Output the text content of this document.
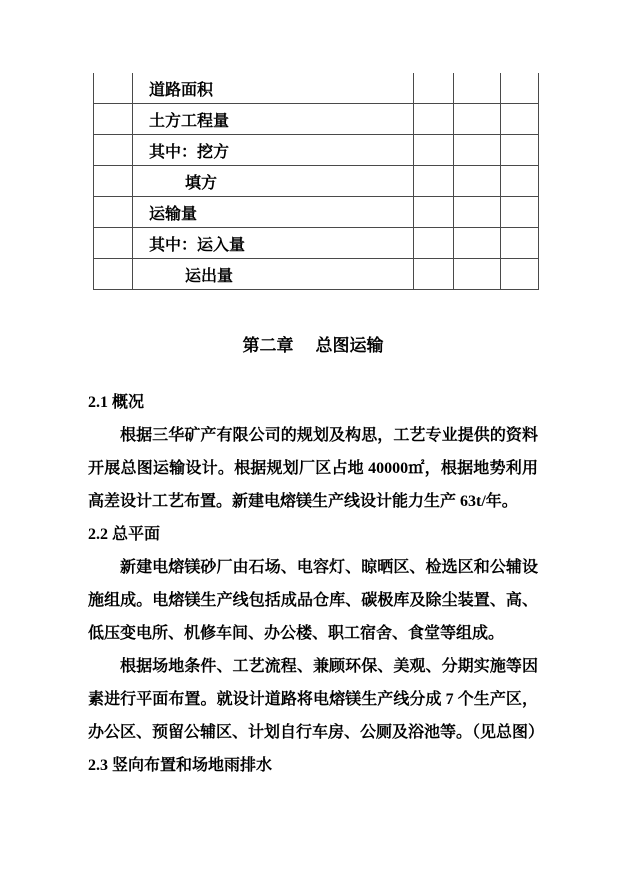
	道路面积			
	土方工程量			
	其中：挖方			
	填方			
	运输量			
	其中：运入量			
	运出量			
第二章 总图运输
2.1 概况

根据三华矿产有限公司的规划及构思，工艺专业提供的资料开展总图运输设计。根据规划厂区占地 40000㎡，根据地势利用高差设计工艺布置。新建电熔镁生产线设计能力生产 63t/年。

2.2 总平面

新建电熔镁砂厂由石场、电容灯、晾晒区、检选区和公辅设施组成。电熔镁生产线包括成品仓库、碳极库及除尘装置、高、低压变电所、机修车间、办公楼、职工宿舍、食堂等组成。

根据场地条件、工艺流程、兼顾环保、美观、分期实施等因素进行平面布置。就设计道路将电熔镁生产线分成 7 个生产区，办公区、预留公辅区、计划自行车房、公厕及浴池等。（见总图）

2.3 竖向布置和场地雨排水
